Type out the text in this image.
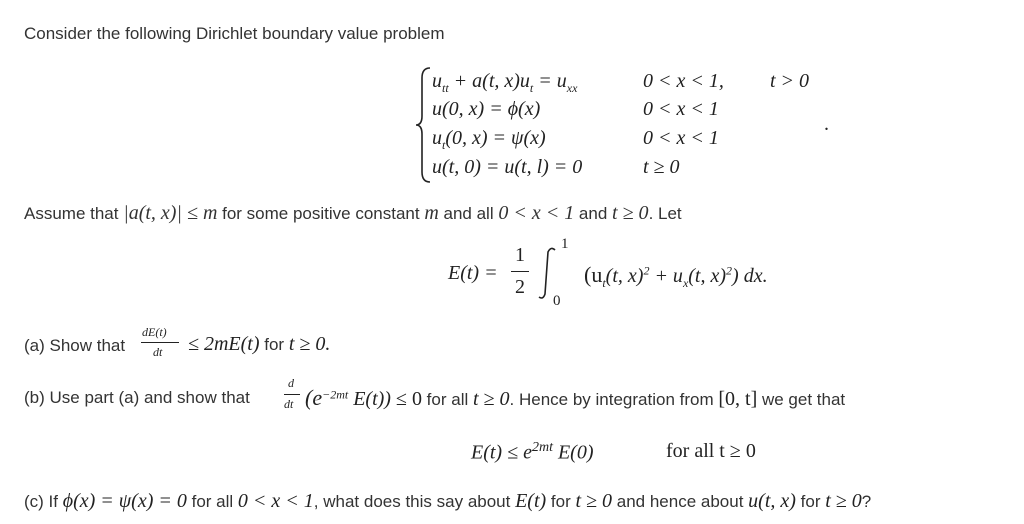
Consider the following Dirichlet boundary value problem
$u_{tt} + a(t$, $x)u_t = u_{xx}$	0 < x < 1, t > 0
u(0, x) = ϕ(x)	0 < x < 1
$u_t(0$, x) = ψ(x)	0 < x < 1
u(t, 0) = u(t, l) = 0	t ≥ 0
.
Assume that |a(t, x)| ≤ m for some positive constant m and all 0 < x < 1 and t ≥ 0. Let
E(t) =
1
2
1
0
($u_t(t$, $x)^2 + u_x(t$, x)$^2$) dx.
(a) Show that
dE(t)
dt ≤ 2mE(t) for t ≥ 0.
(b) Use part (a) and show that
d
dt ($e^{-2mt}$ E(t)) ≤ 0 for all t ≥ 0. Hence by integration from [0, t] we get that
$E(t) \le e^{2mt}$ E(0)	for all t ≥ 0
(c) If ϕ(x) = ψ(x) = 0 for all 0 < x < 1, what does this say about E(t) for t ≥ 0 and hence about u(t, x) for t ≥ 0?
